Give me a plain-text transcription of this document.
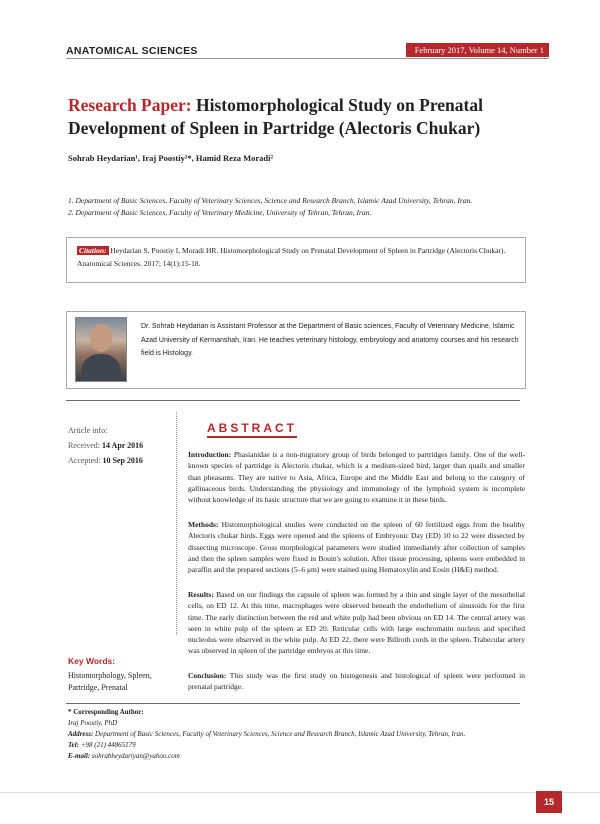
ANATOMICAL SCIENCES	February 2017, Volume 14, Number 1
Research Paper: Histomorphological Study on Prenatal Development of Spleen in Partridge (Alectoris Chukar)
Sohrab Heydarian¹, Iraj Poostiy²*, Hamid Reza Moradi²
1. Department of Basic Sciences, Faculty of Veterinary Sciences, Science and Research Branch, Islamic Azad University, Tehran, Iran.
2. Department of Basic Sciences, Faculty of Veterinary Medicine, University of Tehran, Tehran, Iran.
Citation: Heydarian S, Poostiy I, Moradi HR. Histomorphological Study on Prenatal Development of Spleen in Partridge (Alectoris Chukar). Anatomical Sciences. 2017; 14(1):15-18.
Dr. Sohrab Heydarian is Assistant Professor at the Department of Basic sciences, Faculty of Veterinary Medicine, Islamic Azad University of Kermanshah, Iran. He teaches veterinary histology, embryology and anatomy courses and his research field is Histology.
Article info:
Received: 14 Apr 2016
Accepted: 10 Sep 2016
ABSTRACT
Introduction: Phasianidae is a non-migratory group of birds belonged to partridges family. One of the well-known species of partridge is Alectoris chukar, which is a medium-sized bird, larger than quails and smaller than pheasants. They are native to Asia, Africa, Europe and the Middle East and belong to the category of gallinaceous birds. Understanding the physiology and immunology of the lymphoid system is incomplete without knowledge of its basic structure that we are going to examine it in these birds.
Methods: Histomorphological studies were conducted on the spleen of 60 fertilized eggs from the healthy Alectoris chukar birds. Eggs were opened and the spleens of Embryonic Day (ED) 10 to 22 were dissected by dissecting microscope. Gross morphological parameters were studied immediately after collection of samples and then the spleen samples were fixed in Bouin's solution. After tissue processing, spleens were embedded in paraffin and the prepared sections (5–6 μm) were stained using Hematoxylin and Eosin (H&E) method.
Results: Based on our findings the capsule of spleen was formed by a thin and single layer of the mesothelial cells, on ED 12. At this time, macrophages were observed beneath the endothelium of sinusoids for the first time. The early distinction between the red and white pulp had been obvious on ED 14. The central artery was seen in white pulp of the spleen at ED 20. Reticular cells with large euchromatin nucleus and specified nucleolus were observed in the white pulp. At ED 22, there were Billroth cords in the spleen. Trabecular artery was observed in spleen of the partridge embryos at this time.
Conclusion: This study was the first study on histogenesis and histological of spleen were performed in prenatal partridge.
Key Words:
Histomorphology, Spleen, Partridge, Prenatal
* Corresponding Author:
Iraj Poostiy, PhD
Address: Department of Basic Sciences, Faculty of Veterinary Sciences, Science and Research Branch, Islamic Azad University, Tehran, Iran.
Tel: +98 (21) 44865179
E-mail: sohrabheydariyan@yahoo.com
15
